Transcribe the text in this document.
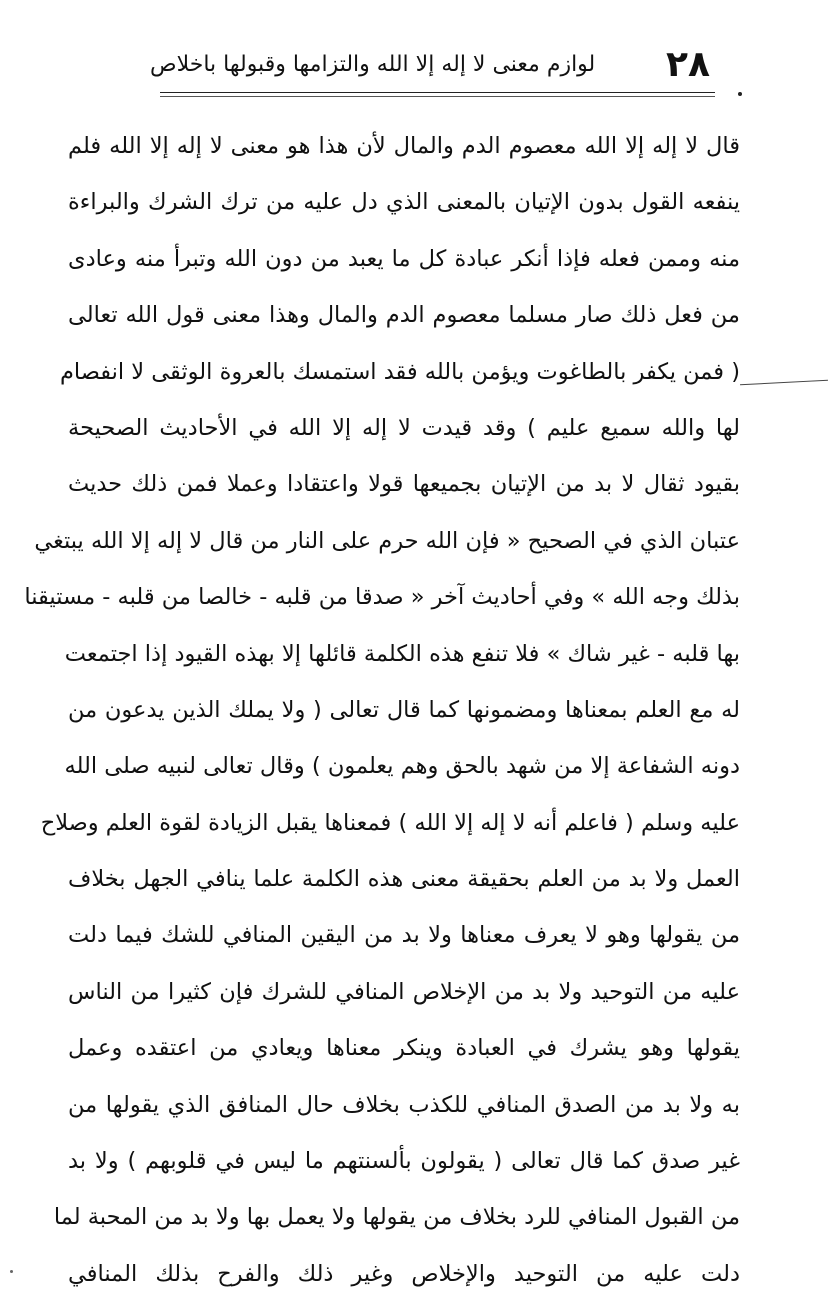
٢٨
لوازم معنى لا إله إلا الله والتزامها وقبولها باخلاص
قال لا إله إلا الله معصوم الدم والمال لأن هذا هو معنى لا إله إلا الله فلم
ينفعه القول بدون الإتيان بالمعنى الذي دل عليه من ترك الشرك والبراءة
منه وممن فعله فإذا أنكر عبادة كل ما يعبد من دون الله وتبرأ منه وعادى
من فعل ذلك صار مسلما معصوم الدم والمال وهذا معنى قول الله تعالى
( فمن يكفر بالطاغوت ويؤمن بالله فقد استمسك بالعروة الوثقى لا انفصام
لها والله سميع عليم ) وقد قيدت لا إله إلا الله في الأحاديث الصحيحة
بقيود ثقال لا بد من الإتيان بجميعها قولا واعتقادا وعملا فمن ذلك حديث
عتبان الذي في الصحيح « فإن الله حرم على النار من قال لا إله إلا الله يبتغي
بذلك وجه الله » وفي أحاديث آخر « صدقا من قلبه - خالصا من قلبه - مستيقنا
بها قلبه - غير شاك » فلا تنفع هذه الكلمة قائلها إلا بهذه القيود إذا اجتمعت
له مع العلم بمعناها ومضمونها كما قال تعالى ( ولا يملك الذين يدعون من
دونه الشفاعة إلا من شهد بالحق وهم يعلمون ) وقال تعالى لنبيه صلى الله
عليه وسلم ( فاعلم أنه لا إله إلا الله ) فمعناها يقبل الزيادة لقوة العلم وصلاح
العمل ولا بد من العلم بحقيقة معنى هذه الكلمة علما ينافي الجهل بخلاف
من يقولها وهو لا يعرف معناها ولا بد من اليقين المنافي للشك فيما دلت
عليه من التوحيد ولا بد من الإخلاص المنافي للشرك فإن كثيرا من الناس
يقولها وهو يشرك في العبادة وينكر معناها ويعادي من اعتقده وعمل
به ولا بد من الصدق المنافي للكذب بخلاف حال المنافق الذي يقولها من
غير صدق كما قال تعالى ( يقولون بألسنتهم ما ليس في قلوبهم ) ولا بد
من القبول المنافي للرد بخلاف من يقولها ولا يعمل بها ولا بد من المحبة لما
دلت عليه من التوحيد والإخلاص وغير ذلك والفرح بذلك المنافي
